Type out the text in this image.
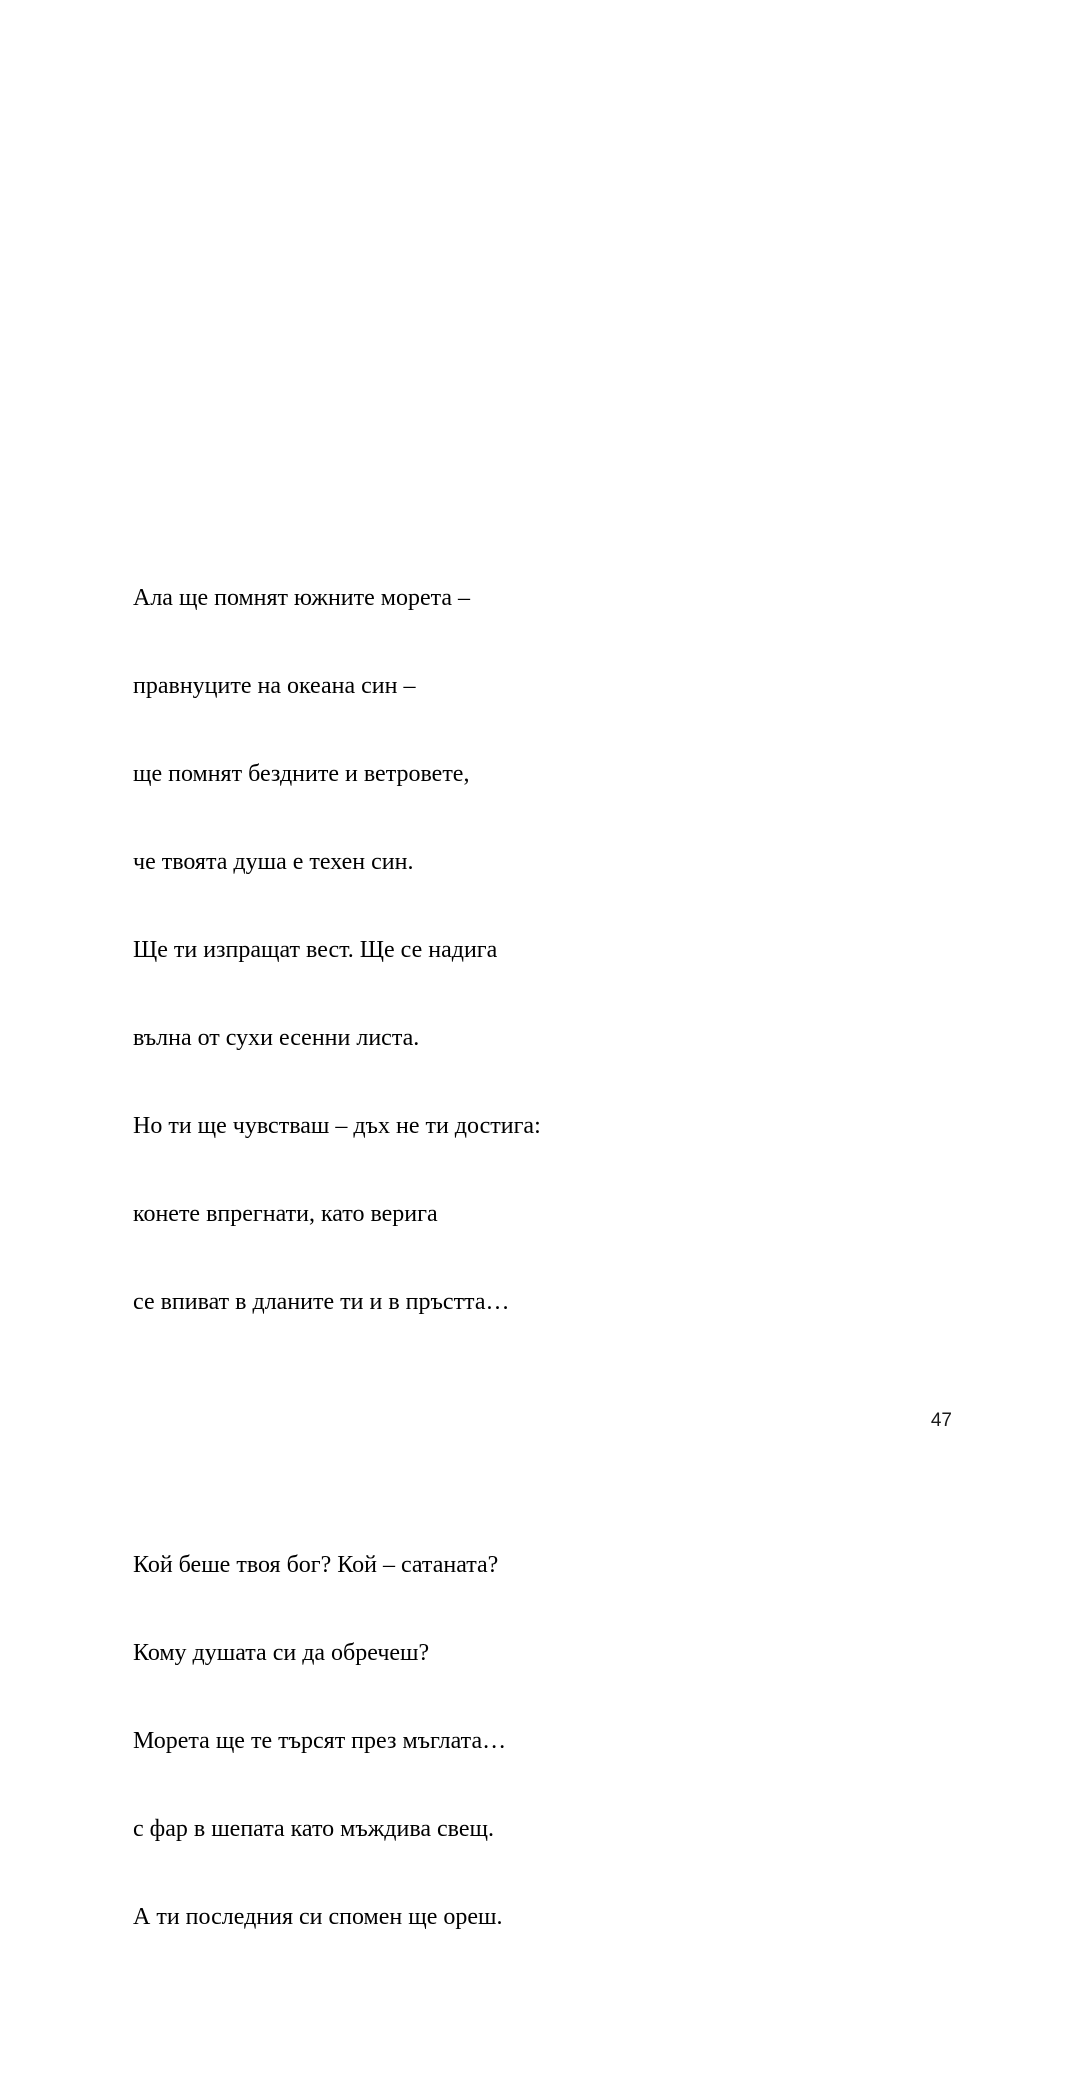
Ала ще помнят южните морета –

правнуците на океана син –

ще помнят бездните и ветровете,

че твоята душа е техен син.

Ще ти изпращат вест. Ще се надига

вълна от сухи есенни листа.

Но ти ще чувстваш – дъх не ти достига:

конете впрегнати, като верига

се впиват в дланите ти и в пръстта…

Кой беше твоя бог? Кой – сатаната?

Кому душата си да обречеш?

Морета ще те търсят през мъглата…

с фар в шепата като мъждива свещ.

А ти последния си спомен ще ореш.

47
